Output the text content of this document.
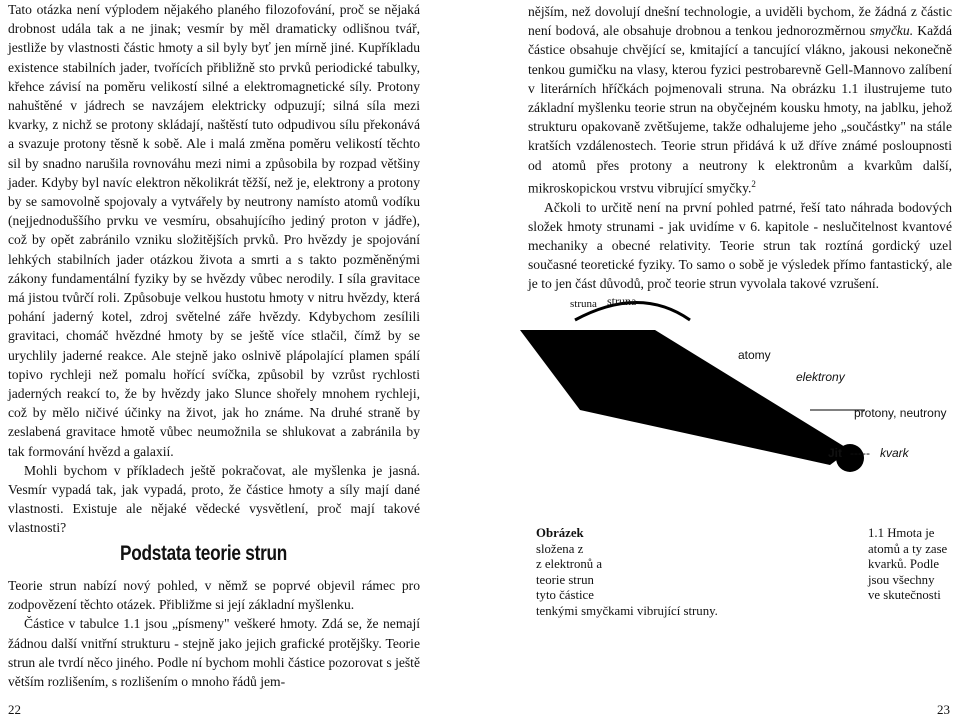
Tato otázka není výplodem nějakého planého filozofování, proč se nějaká drobnost udála tak a ne jinak; vesmír by měl dramaticky odlišnou tvář, jestliže by vlastnosti částic hmoty a sil byly byť jen mírně jiné. Kupříkladu existence stabilních jader, tvořících přibližně sto prvků periodické tabulky, křehce závisí na poměru velikostí silné a elektromagnetické síly. Protony nahuštěné v jádrech se navzájem elektricky odpuzují; silná síla mezi kvarky, z nichž se protony skládají, naštěstí tuto odpudivou sílu překonává a svazuje protony těsně k sobě. Ale i malá změna poměru velikostí těchto sil by snadno narušila rovnováhu mezi nimi a způsobila by rozpad většiny jader. Kdyby byl navíc elektron několikrát těžší, než je, elektrony a protony by se samovolně spojovaly a vytvářely by neutrony namísto atomů vodíku (nejjednoduššího prvku ve vesmíru, obsahujícího jediný proton v jádře), což by opět zabránilo vzniku složitějších prvků. Pro hvězdy je spojování lehkých stabilních jader otázkou života a smrti a s takto pozměněnými zákony fundamentální fyziky by se hvězdy vůbec nerodily. I síla gravitace má jistou tvůrčí roli. Způsobuje velkou hustotu hmoty v nitru hvězdy, která pohání jaderný kotel, zdroj světelné záře hvězdy. Kdybychom zesílili gravitaci, chomáč hvězdné hmoty by se ještě více stlačil, čímž by se urychlily jaderné reakce. Ale stejně jako oslnivě plápolající plamen spálí topivo rychleji než pomalu hořící svíčka, způsobil by vzrůst rychlosti jaderných reakcí to, že by hvězdy jako Slunce shořely mnohem rychleji, což by mělo ničivé účinky na život, jak ho známe. Na druhé straně by zeslabená gravitace hmotě vůbec neumožnila se shlukovat a zabránila by tak formování hvězd a galaxií.

Mohli bychom v příkladech ještě pokračovat, ale myšlenka je jasná. Vesmír vypadá tak, jak vypadá, proto, že částice hmoty a síly mají dané vlastnosti. Existuje ale nějaké vědecké vysvětlení, proč mají takové vlastnosti?

Podstata teorie strun

Teorie strun nabízí nový pohled, v němž se poprvé objevil rámec pro zodpovězení těchto otázek. Přibližme si její základní myšlenku.

Částice v tabulce 1.1 jsou „písmeny" veškeré hmoty. Zdá se, že nemají žádnou další vnitřní strukturu - stejně jako jejich grafické protějšky. Teorie strun ale tvrdí něco jiného. Podle ní bychom mohli částice pozorovat s ještě větším rozlišením, s rozlišením o mnoho řádů jem-

22

nějším, než dovolují dnešní technologie, a uviděli bychom, že žádná z částic není bodová, ale obsahuje drobnou a tenkou jednorozměrnou smyčku. Každá částice obsahuje chvějící se, kmitající a tancující vlákno, jakousi nekonečně tenkou gumičku na vlasy, kterou fyzici pestrobarevně Gell-Mannovo zalíbení v literárních hříčkách pojmenovali struna. Na obrázku 1.1 ilustrujeme tuto základní myšlenku teorie strun na obyčejném kousku hmoty, na jablku, jehož strukturu opakovaně zvětšujeme, takže odhalujeme jeho „součástky" na stále kratších vzdálenostech. Teorie strun přidává k už dříve známé posloupnosti od atomů přes protony a neutrony k elektronům a kvarkům další, mikroskopickou vrstvu vibrující smyčky.$^2$

Ačkoli to určitě není na první pohled patrné, řeší tato náhrada bodových složek hmoty strunami - jak uvidíme v 6. kapitole - neslučitelnost kvantové mechaniky a obecné relativity. Teorie strun tak roztíná gordický uzel současné teoretické fyziky. To samo o sobě je výsledek přímo fantastický, ale je to jen část důvodů, proč teorie strun vyvolala takové vzrušení.

struna struna
atomy
elektrony
protony, neutrony
Jit ----- kvark
Obrázek
složena z
z elektronů a
teorie strun
tyto částice
tenkými smyčkami vibrující struny.
1.1 Hmota je
atomů a ty zase
kvarků. Podle
jsou všechny
ve skutečnosti
23
